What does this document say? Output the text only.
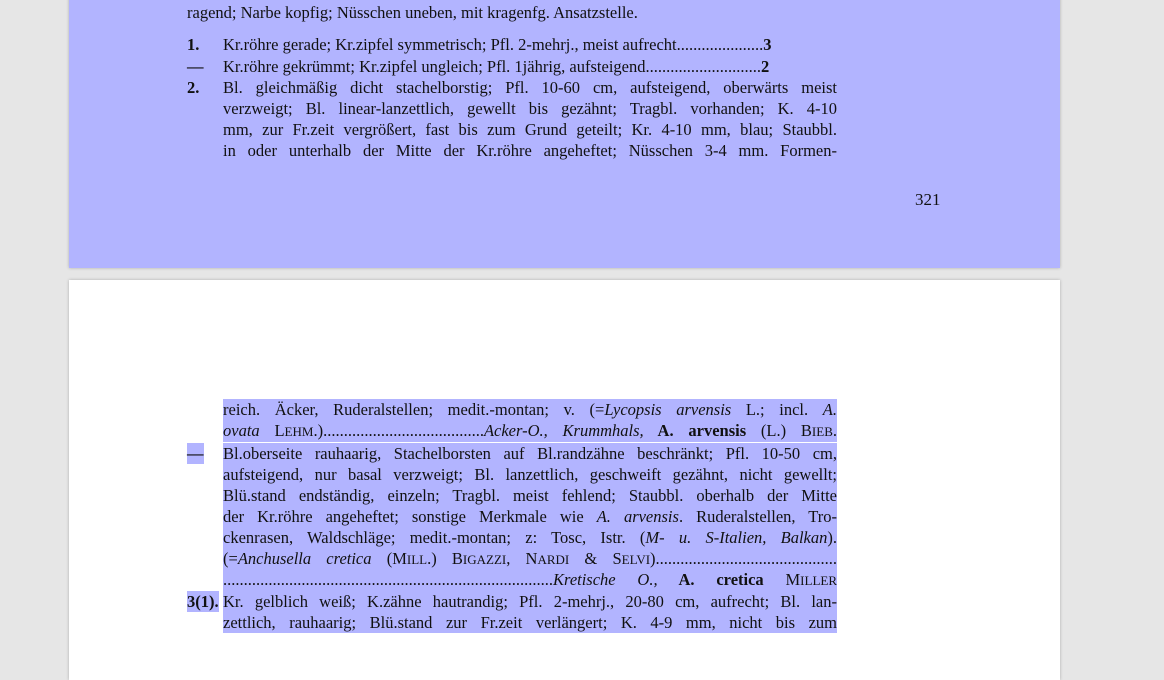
ragend; Narbe kopfig; Nüsschen uneben, mit kragenfg. Ansatzstelle.
1. Kr.röhre gerade; Kr.zipfel symmetrisch; Pfl. 2-mehrj., meist aufrecht.....................3
— Kr.röhre gekrümmt; Kr.zipfel ungleich; Pfl. 1jährig, aufsteigend............................2
2. Bl. gleichmäßig dicht stachelborstig; Pfl. 10-60 cm, aufsteigend, oberwärts meist
verzweigt; Bl. linear-lanzettlich, gewellt bis gezähnt; Tragbl. vorhanden; K. 4-10
mm, zur Fr.zeit vergrößert, fast bis zum Grund geteilt; Kr. 4-10 mm, blau; Staubbl.
in oder unterhalb der Mitte der Kr.röhre angeheftet; Nüsschen 3-4 mm. Formen-
321
reich. Äcker, Ruderalstellen; medit.-montan; v. (=Lycopsis arvensis L.; incl. A.
ovata LEHM.).......................................Acker-O., Krummhals, A. arvensis (L.) BIEB.
— Bl.oberseite rauhaarig, Stachelborsten auf Bl.randzähne beschränkt; Pfl. 10-50 cm,
aufsteigend, nur basal verzweigt; Bl. lanzettlich, geschweift gezähnt, nicht gewellt;
Blü.stand endständig, einzeln; Tragbl. meist fehlend; Staubbl. oberhalb der Mitte
der Kr.röhre angeheftet; sonstige Merkmale wie A. arvensis. Ruderalstellen, Tro-
ckenrasen, Waldschläge; medit.-montan; z: Tosc, Istr. (M- u. S-Italien, Balkan).
(=Anchusella cretica (MILL.) BIGAZZI, NARDI & SELVI)............................................
................................................................................Kretische O., A. cretica MILLER
3(1). Kr. gelblich weiß; K.zähne hautrandig; Pfl. 2-mehrj., 20-80 cm, aufrecht; Bl. lan-
zettlich, rauhaarig; Blü.stand zur Fr.zeit verlängert; K. 4-9 mm, nicht bis zum
